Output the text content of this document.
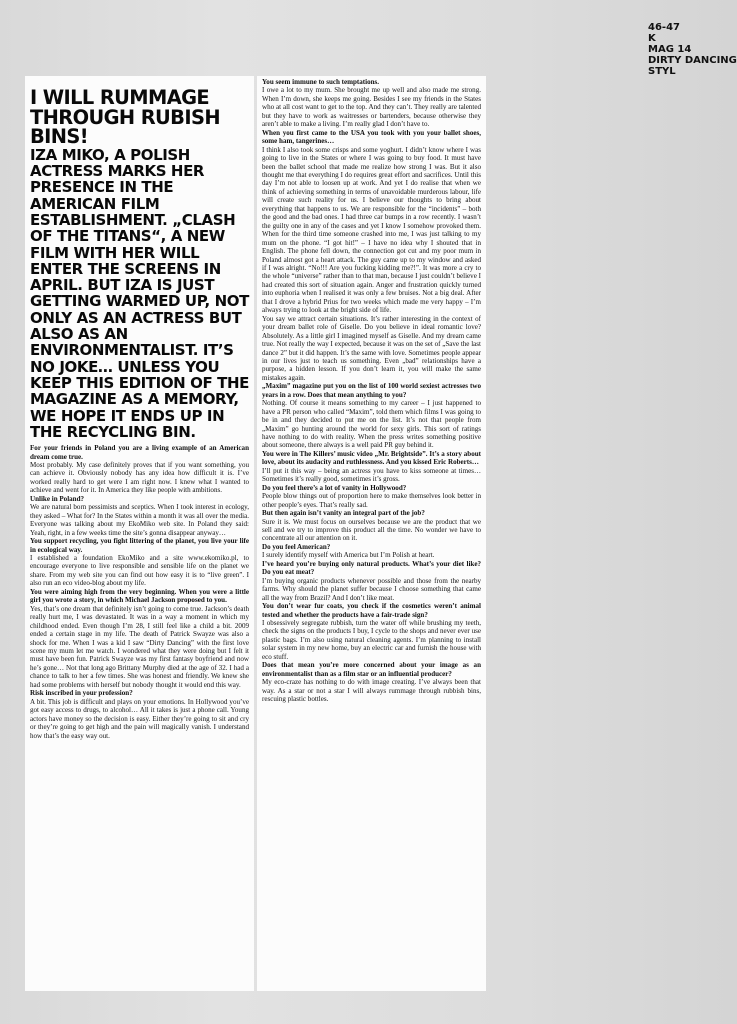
46-47
K
MAG 14
DIRTY DANCING
STYL
I WILL RUMMAGE THROUGH RUBISH BINS!
IZA MIKO, A POLISH ACTRESS MARKS HER PRESENCE IN THE AMERICAN FILM ESTABLISHMENT. „CLASH OF THE TITANS“, A NEW FILM WITH HER WILL ENTER THE SCREENS IN APRIL. BUT IZA IS JUST GETTING WARMED UP, NOT ONLY AS AN ACTRESS BUT ALSO AS AN ENVIRONMENTALIST. IT’S NO JOKE… UNLESS YOU KEEP THIS EDITION OF THE MAGAZINE AS A MEMORY, WE HOPE IT ENDS UP IN THE RECYCLING BIN.

For your friends in Poland you are a living example of an American dream come true.

Most probably. My case definitely proves that if you want something, you can achieve it. Obviously nobody has any idea how difficult it is. I’ve worked really hard to get were I am right now. I knew what I wanted to achieve and went for it. In America they like people with ambitions.

Unlike in Poland?

We are natural born pessimists and sceptics. When I took interest in ecology, they asked – What for? In the States within a month it was all over the media. Everyone was talking about my EkoMiko web site. In Poland they said: Yeah, right, in a few weeks time the site’s gonna disappear anyway…

You support recycling, you fight littering of the planet, you live your life in ecological way.

I established a foundation EkoMiko and a site www.ekomiko.pl, to encourage everyone to live responsible and sensible life on the planet we share. From my web site you can find out how easy it is to “live green”. I also run an eco video-blog about my life.

You were aiming high from the very beginning. When you were a little girl you wrote a story, in which Michael Jackson proposed to you.

Yes, that’s one dream that definitely isn’t going to come true. Jackson’s death really hurt me, I was devastated. It was in a way a moment in which my childhood ended. Even though I’m 28, I still feel like a child a bit. 2009 ended a certain stage in my life. The death of Patrick Swayze was also a shock for me. When I was a kid I saw “Dirty Dancing” with the first love scene my mum let me watch. I wondered what they were doing but I felt it must have been fun. Patrick Swayze was my first fantasy boyfriend and now he’s gone… Not that long ago Brittany Murphy died at the age of 32. I had a chance to talk to her a few times. She was honest and friendly. We knew she had some problems with herself but nobody thought it would end this way.

Risk inscribed in your profession?

A bit. This job is difficult and plays on your emotions. In Hollywood you’ve got easy access to drugs, to alcohol… All it takes is just a phone call. Young actors have money so the decision is easy. Either they’re going to sit and cry or they’re going to get high and the pain will magically vanish. I understand how that’s the easy way out.

You seem immune to such temptations.

I owe a lot to my mum. She brought me up well and also made me strong. When I’m down, she keeps me going. Besides I see my friends in the States who at all cost want to get to the top. And they can’t. They really are talented but they have to work as waitresses or bartenders, because otherwise they aren’t able to make a living. I’m really glad I don’t have to.

When you first came to the USA you took with you your ballet shoes, some ham, tangerines…

I think I also took some crisps and some yoghurt. I didn’t know where I was going to live in the States or where I was going to buy food. It must have been the ballet school that made me realize how strong I was. But it also thought me that everything I do requires great effort and sacrifices. Until this day I’m not able to loosen up at work. And yet I do realise that when we think of achieving something in terms of unavoidable murderous labour, life will create such reality for us. I believe our thoughts to bring about everything that happens to us. We are responsible for the “incidents” – both the good and the bad ones. I had three car bumps in a row recently. I wasn’t the guilty one in any of the cases and yet I know I somehow provoked them. When for the third time someone crashed into me, I was just talking to my mum on the phone. “I got hit!” – I have no idea why I shouted that in English. The phone fell down, the connection got cut and my poor mum in Poland almost got a heart attack. The guy came up to my window and asked if I was alright. “No!!! Are you fucking kidding me?!”. It was more a cry to the whole “universe” rather than to that man, because I just couldn’t believe I had created this sort of situation again. Anger and frustration quickly turned into euphoria when I realised it was only a few bruises. Not a big deal. After that I drove a hybrid Prius for two weeks which made me very happy – I’m always trying to look at the bright side of life.

You say we attract certain situations. It’s rather interesting in the context of your dream ballet role of Giselle. Do you believe in ideal romantic love? Absolutely. As a little girl I imagined myself as Giselle. And my dream came true. Not really the way I expected, because it was on the set of „Save the last dance 2” but it did happen. It’s the same with love. Sometimes people appear in our lives just to teach us something. Even „bad” relationships have a purpose, a hidden lesson. If you don’t learn it, you will make the same mistakes again.

„Maxim” magazine put you on the list of 100 world sexiest actresses two years in a row. Does that mean anything to you?

Nothing. Of course it means something to my career – I just happened to have a PR person who called “Maxim”, told them which films I was going to be in and they decided to put me on the list. It’s not that people from „Maxim” go hunting around the world for sexy girls. This sort of ratings have nothing to do with reality. When the press writes something positive about someone, there always is a well paid PR guy behind it.

You were in The Killers’ music video „Mr. Brightside”. It’s a story about love, about its audacity and ruthlessness. And you kissed Eric Roberts…

I’ll put it this way – being an actress you have to kiss someone at times… Sometimes it’s really good, sometimes it’s gross.

Do you feel there’s a lot of vanity in Hollywood?

People blow things out of proportion here to make themselves look better in other people’s eyes. That’s really sad.

But then again isn’t vanity an integral part of the job?

Sure it is. We must focus on ourselves because we are the product that we sell and we try to improve this product all the time. No wonder we have to concentrate all our attention on it.

Do you feel American?

I surely identify myself with America but I’m Polish at heart.

I’ve heard you’re buying only natural products. What’s your diet like? Do you eat meat?

I’m buying organic products whenever possible and those from the nearby farms. Why should the planet suffer because I choose something that came all the way from Brazil? And I don’t like meat.

You don’t wear fur coats, you check if the cosmetics weren’t animal tested and whether the products have a fair-trade sign?

I obsessively segregate rubbish, turn the water off while brushing my teeth, check the signs on the products I buy, I cycle to the shops and never ever use plastic bags. I’m also using natural cleaning agents. I’m planning to install solar system in my new home, buy an electric car and furnish the house with eco stuff.

Does that mean you’re more concerned about your image as an environmentalist than as a film star or an influential producer?

My eco-craze has nothing to do with image creating. I’ve always been that way. As a star or not a star I will always rummage through rubbish bins, rescuing plastic bottles.
